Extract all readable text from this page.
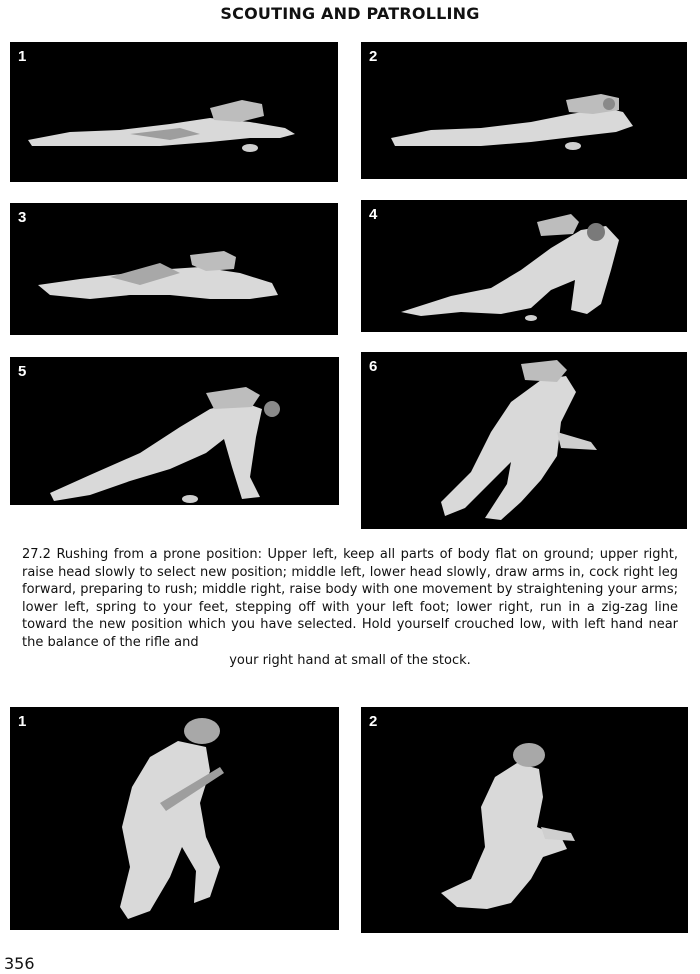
SCOUTING AND PATROLLING
1	2
3	4
5	6

27.2 Rushing from a prone position: Upper left, keep all parts of body flat on ground; upper right, raise head slowly to select new position; middle left, lower head slowly, draw arms in, cock right leg forward, preparing to rush; middle right, raise body with one movement by straightening your arms; lower left, spring to your feet, stepping off with your left foot; lower right, run in a zig-zag line toward the new position which you have selected. Hold yourself crouched low, with left hand near the balance of the rifle and

your right hand at small of the stock.

1	2
356
